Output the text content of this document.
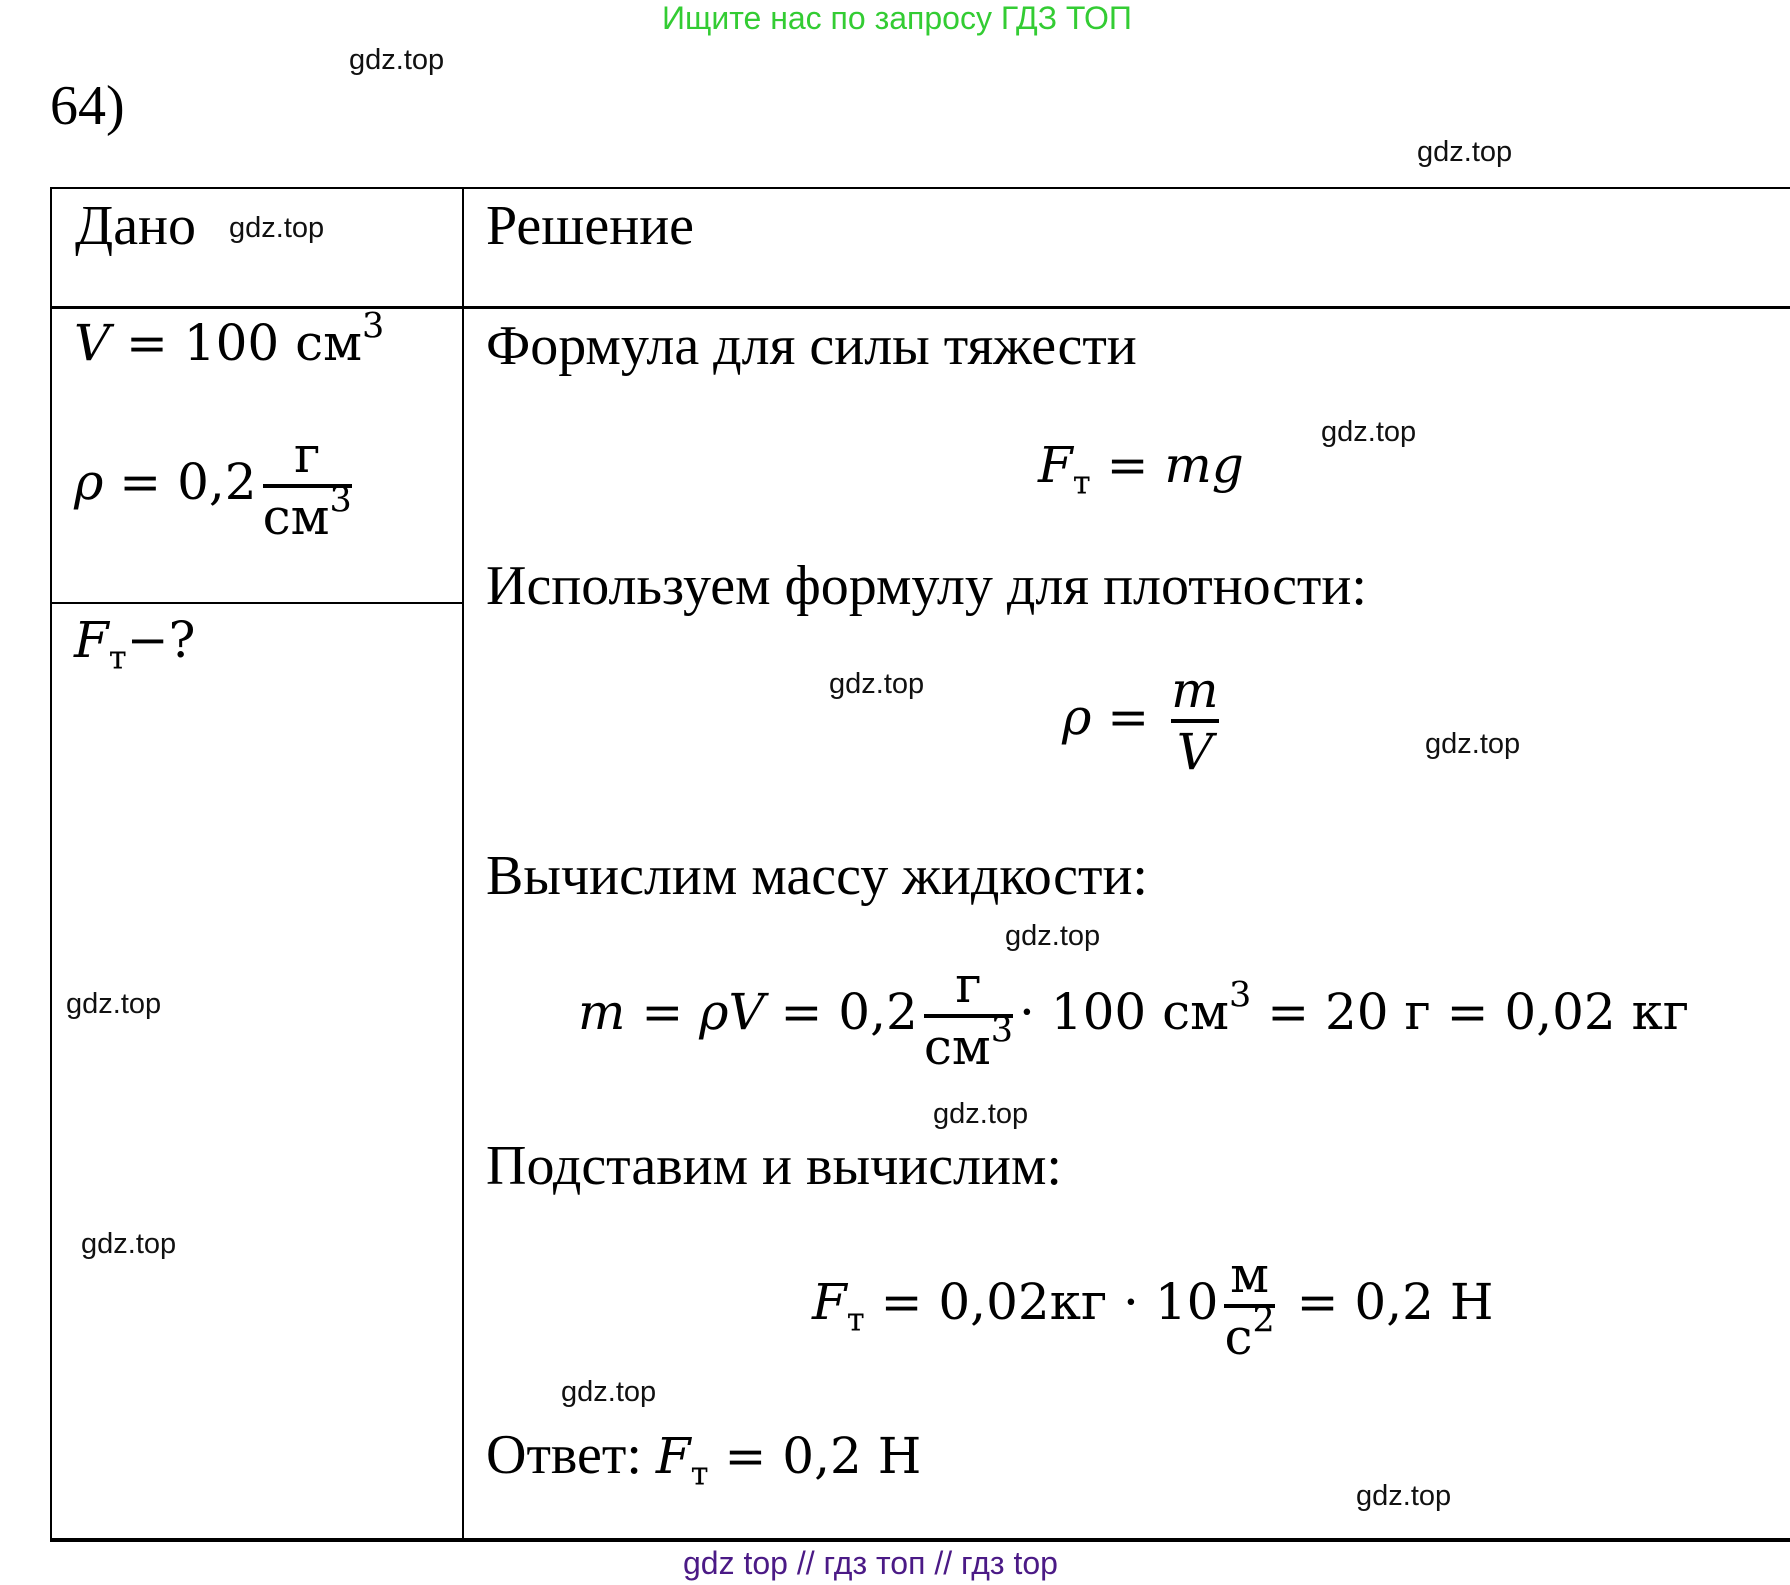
Ищите нас по запросу ГДЗ ТОП
gdz top // гдз топ // гдз top
64)
gdz.top
gdz.top
gdz.top
gdz.top
gdz.top
gdz.top
gdz.top
gdz.top
gdz.top
gdz.top
gdz.top
gdz.top
Дано	Решение
V = 100 $см^3$
$\rho = 0,2 \frac{г}{см^3}$
$F_т-$?
Формула для силы тяжести
$F_т$ = mg
Используем формулу для плотности:
$\rho = \frac{m}{V}$
Вычислим массу жидкости:
$m = \rho V = 0,2 \frac{г}{см^3} \cdot 100$ $см^3 = 20$ г = 0,02 кг
Подставим и вычислим:
$F_т = 0,02кг \cdot 10 \frac{м}{с^2} = 0,2$ Н
Ответ: $F_т = 0,2$ Н
